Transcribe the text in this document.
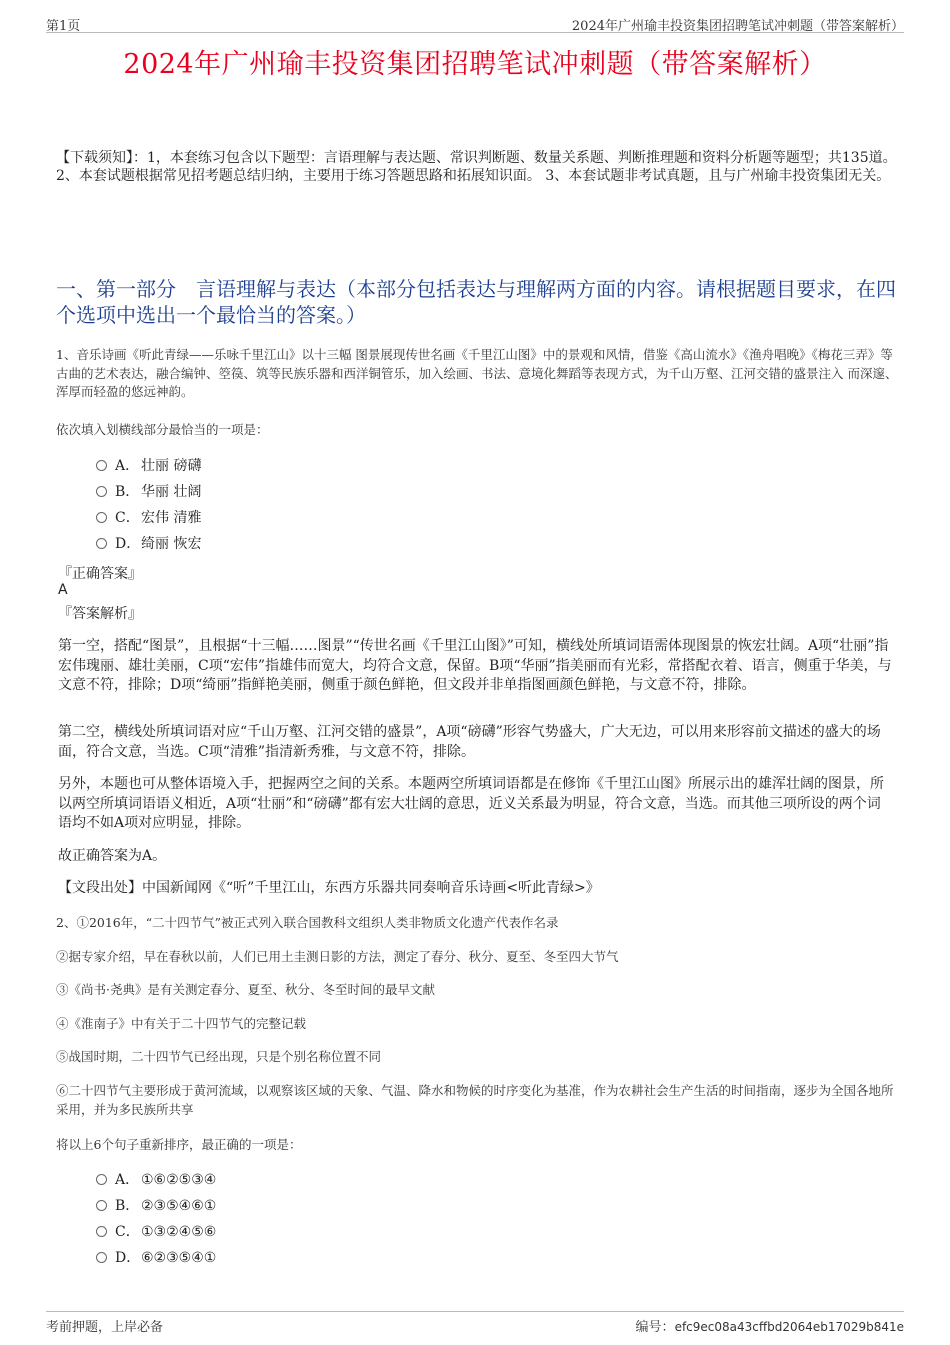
第1页	2024年广州瑜丰投资集团招聘笔试冲刺题（带答案解析）
2024年广州瑜丰投资集团招聘笔试冲刺题（带答案解析）
【下载须知】：1，本套练习包含以下题型：言语理解与表达题、常识判断题、数量关系题、判断推理题和资料分析题等题型；共135道。 2、本套试题根据常见招考题总结归纳，主要用于练习答题思路和拓展知识面。 3、本套试题非考试真题，且与广州瑜丰投资集团无关。
一、第一部分　言语理解与表达（本部分包括表达与理解两方面的内容。请根据题目要求，在四个选项中选出一个最恰当的答案。）
1、音乐诗画《听此青绿——乐咏千里江山》以十三幅 图景展现传世名画《千里江山图》中的景观和风情，借鉴《高山流水》《渔舟唱晚》《梅花三弄》等古曲的艺术表达，融合编钟、箜篌、筑等民族乐器和西洋铜管乐，加入绘画、书法、意境化舞蹈等表现方式，为千山万壑、江河交错的盛景注入 而深邃、浑厚而轻盈的悠远神韵。
依次填入划横线部分最恰当的一项是：
A． 壮丽 磅礴
B． 华丽 壮阔
C．宏伟 清雅
D．绮丽 恢宏
『正确答案』
A
『答案解析』
第一空，搭配“图景”，且根据“十三幅……图景”“传世名画《千里江山图》”可知，横线处所填词语需体现图景的恢宏壮阔。A项“壮丽”指宏伟瑰丽、雄壮美丽，C项“宏伟”指雄伟而宽大，均符合文意，保留。B项“华丽”指美丽而有光彩，常搭配衣着、语言，侧重于华美，与文意不符，排除；D项“绮丽”指鲜艳美丽，侧重于颜色鲜艳，但文段并非单指图画颜色鲜艳，与文意不符，排除。
第二空，横线处所填词语对应“千山万壑、江河交错的盛景”，A项“磅礴”形容气势盛大，广大无边，可以用来形容前文描述的盛大的场面，符合文意，当选。C项“清雅”指清新秀雅，与文意不符，排除。
另外，本题也可从整体语境入手，把握两空之间的关系。本题两空所填词语都是在修饰《千里江山图》所展示出的雄浑壮阔的图景，所以两空所填词语语义相近，A项“壮丽”和“磅礴”都有宏大壮阔的意思，近义关系最为明显，符合文意，当选。而其他三项所设的两个词语均不如A项对应明显，排除。
故正确答案为A。
【文段出处】中国新闻网《“听”千里江山，东西方乐器共同奏响音乐诗画<听此青绿>》
2、①2016年，“二十四节气”被正式列入联合国教科文组织人类非物质文化遗产代表作名录
②据专家介绍，早在春秋以前，人们已用土圭测日影的方法，测定了春分、秋分、夏至、冬至四大节气
③《尚书·尧典》是有关测定春分、夏至、秋分、冬至时间的最早文献
④《淮南子》中有关于二十四节气的完整记载
⑤战国时期，二十四节气已经出现，只是个别名称位置不同
⑥二十四节气主要形成于黄河流域，以观察该区域的天象、气温、降水和物候的时序变化为基准，作为农耕社会生产生活的时间指南，逐步为全国各地所采用，并为多民族所共享
将以上6个句子重新排序，最正确的一项是：
A． ①⑥②⑤③④
B． ②③⑤④⑥①
C．①③②④⑤⑥
D．⑥②③⑤④①
考前押题，上岸必备	编号：efc9ec08a43cffbd2064eb17029b841e
